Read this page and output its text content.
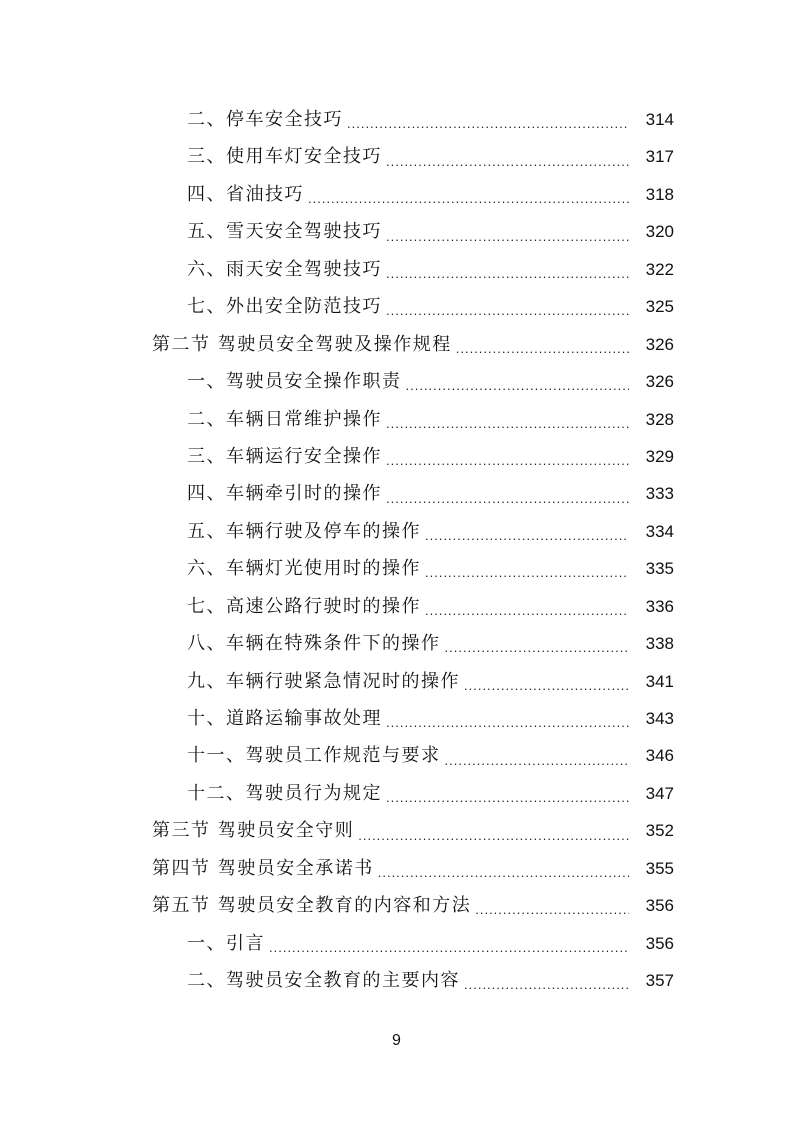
二、停车安全技巧 .....	314
三、使用车灯安全技巧 .....	317
四、省油技巧 .....	318
五、雪天安全驾驶技巧 .....	320
六、雨天安全驾驶技巧 .....	322
七、外出安全防范技巧 .....	325
第二节 驾驶员安全驾驶及操作规程 .....	326
一、驾驶员安全操作职责 .....	326
二、车辆日常维护操作 .....	328
三、车辆运行安全操作 .....	329
四、车辆牵引时的操作 .....	333
五、车辆行驶及停车的操作 .....	334
六、车辆灯光使用时的操作 .....	335
七、高速公路行驶时的操作 .....	336
八、车辆在特殊条件下的操作 .....	338
九、车辆行驶紧急情况时的操作 .....	341
十、道路运输事故处理 .....	343
十一、驾驶员工作规范与要求 .....	346
十二、驾驶员行为规定 .....	347
第三节 驾驶员安全守则 .....	352
第四节 驾驶员安全承诺书 .....	355
第五节 驾驶员安全教育的内容和方法 .....	356
一、引言 .....	356
二、驾驶员安全教育的主要内容 .....	357
9
